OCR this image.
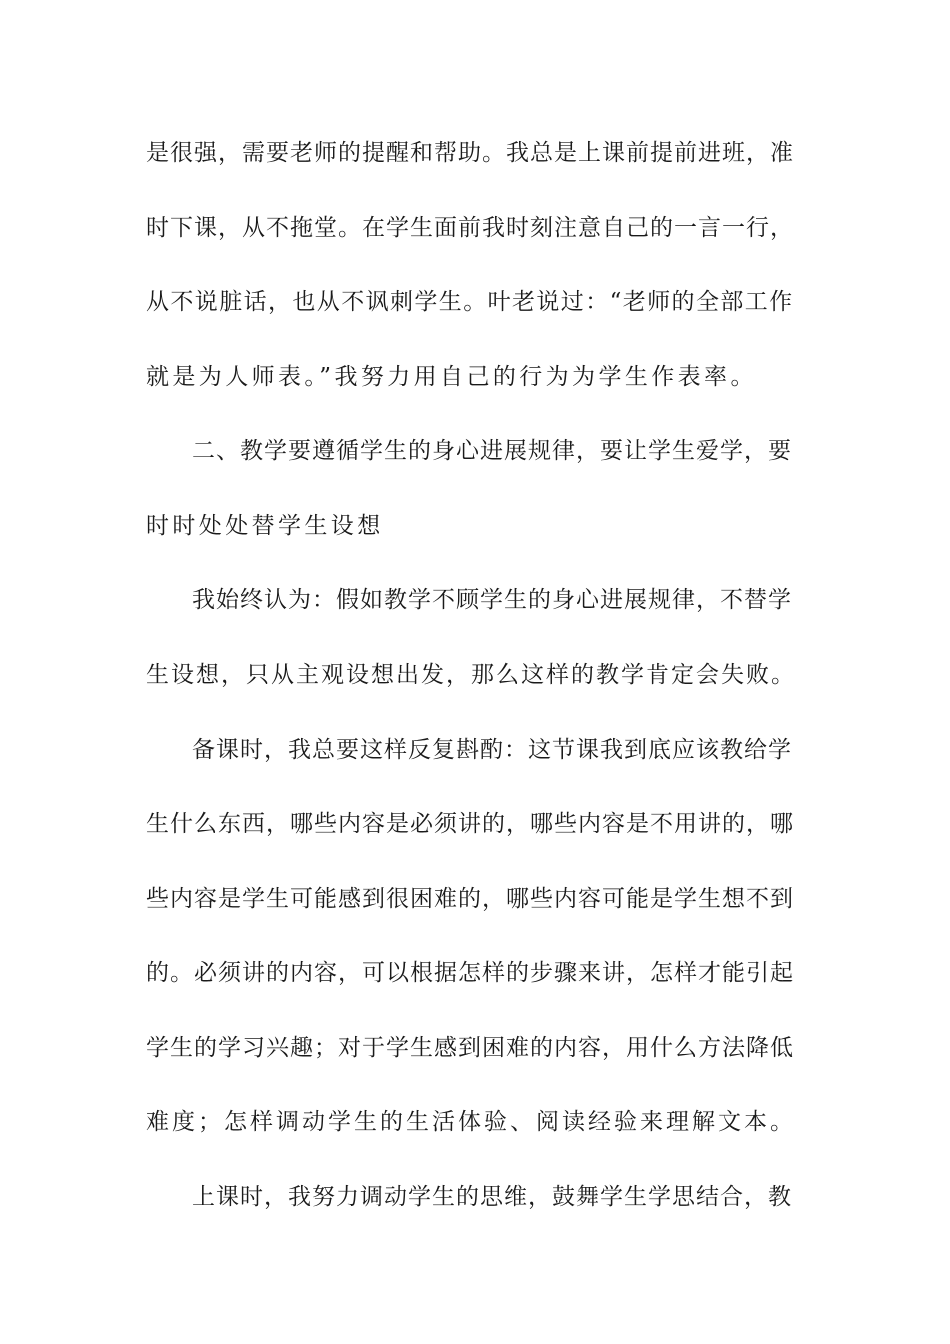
是很强，需要老师的提醒和帮助。我总是上课前提前进班，准
时下课，从不拖堂。在学生面前我时刻注意自己的一言一行，
从不说脏话，也从不讽刺学生。叶老说过：“老师的全部工作
就是为人师表。”我努力用自己的行为为学生作表率。
二、教学要遵循学生的身心进展规律，要让学生爱学，要
时时处处替学生设想
我始终认为：假如教学不顾学生的身心进展规律，不替学
生设想，只从主观设想出发，那么这样的教学肯定会失败。
备课时，我总要这样反复斟酌：这节课我到底应该教给学
生什么东西，哪些内容是必须讲的，哪些内容是不用讲的，哪
些内容是学生可能感到很困难的，哪些内容可能是学生想不到
的。必须讲的内容，可以根据怎样的步骤来讲，怎样才能引起
学生的学习兴趣；对于学生感到困难的内容，用什么方法降低
难度；怎样调动学生的生活体验、阅读经验来理解文本。
上课时，我努力调动学生的思维，鼓舞学生学思结合，教
